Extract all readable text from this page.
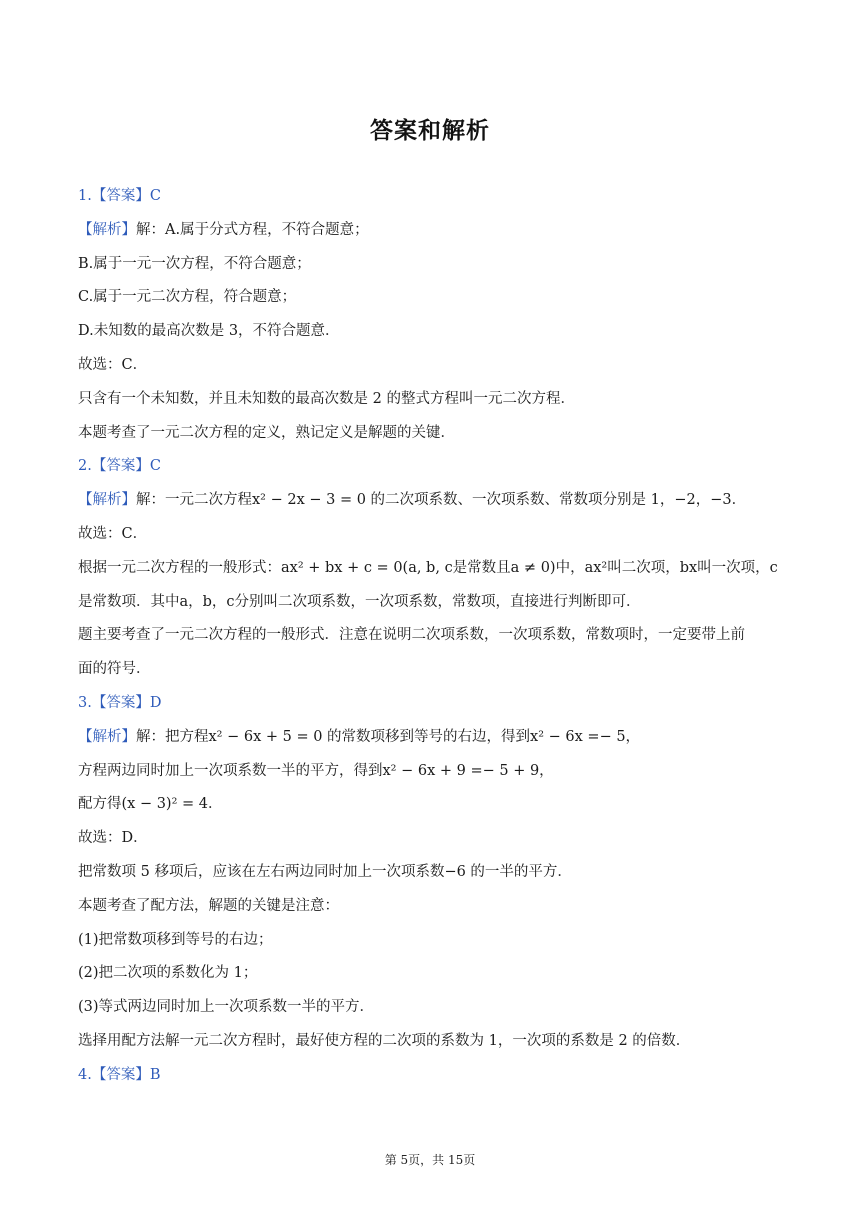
答案和解析
1.【答案】C
【解析】解：A.属于分式方程，不符合题意；
B.属于一元一次方程，不符合题意；
C.属于一元二次方程，符合题意；
D.未知数的最高次数是 3，不符合题意．
故选：C．
只含有一个未知数，并且未知数的最高次数是 2 的整式方程叫一元二次方程．
本题考查了一元二次方程的定义，熟记定义是解题的关键．
2.【答案】C
【解析】解：一元二次方程x² − 2x − 3 = 0 的二次项系数、一次项系数、常数项分别是 1，−2，−3．
故选：C．
根据一元二次方程的一般形式：ax² + bx + c = 0(a, b, c是常数且a ≠ 0)中，ax²叫二次项，bx叫一次项，c
是常数项．其中a，b，c分别叫二次项系数，一次项系数，常数项，直接进行判断即可．
题主要考查了一元二次方程的一般形式．注意在说明二次项系数，一次项系数，常数项时，一定要带上前
面的符号．
3.【答案】D
【解析】解：把方程x² − 6x + 5 = 0 的常数项移到等号的右边，得到x² − 6x =− 5，
方程两边同时加上一次项系数一半的平方，得到x² − 6x + 9 =− 5 + 9，
配方得(x − 3)² = 4．
故选：D．
把常数项 5 移项后，应该在左右两边同时加上一次项系数−6 的一半的平方．
本题考查了配方法，解题的关键是注意：
(1)把常数项移到等号的右边；
(2)把二次项的系数化为 1；
(3)等式两边同时加上一次项系数一半的平方．
选择用配方法解一元二次方程时，最好使方程的二次项的系数为 1，一次项的系数是 2 的倍数．
4.【答案】B
第 5页，共 15页
